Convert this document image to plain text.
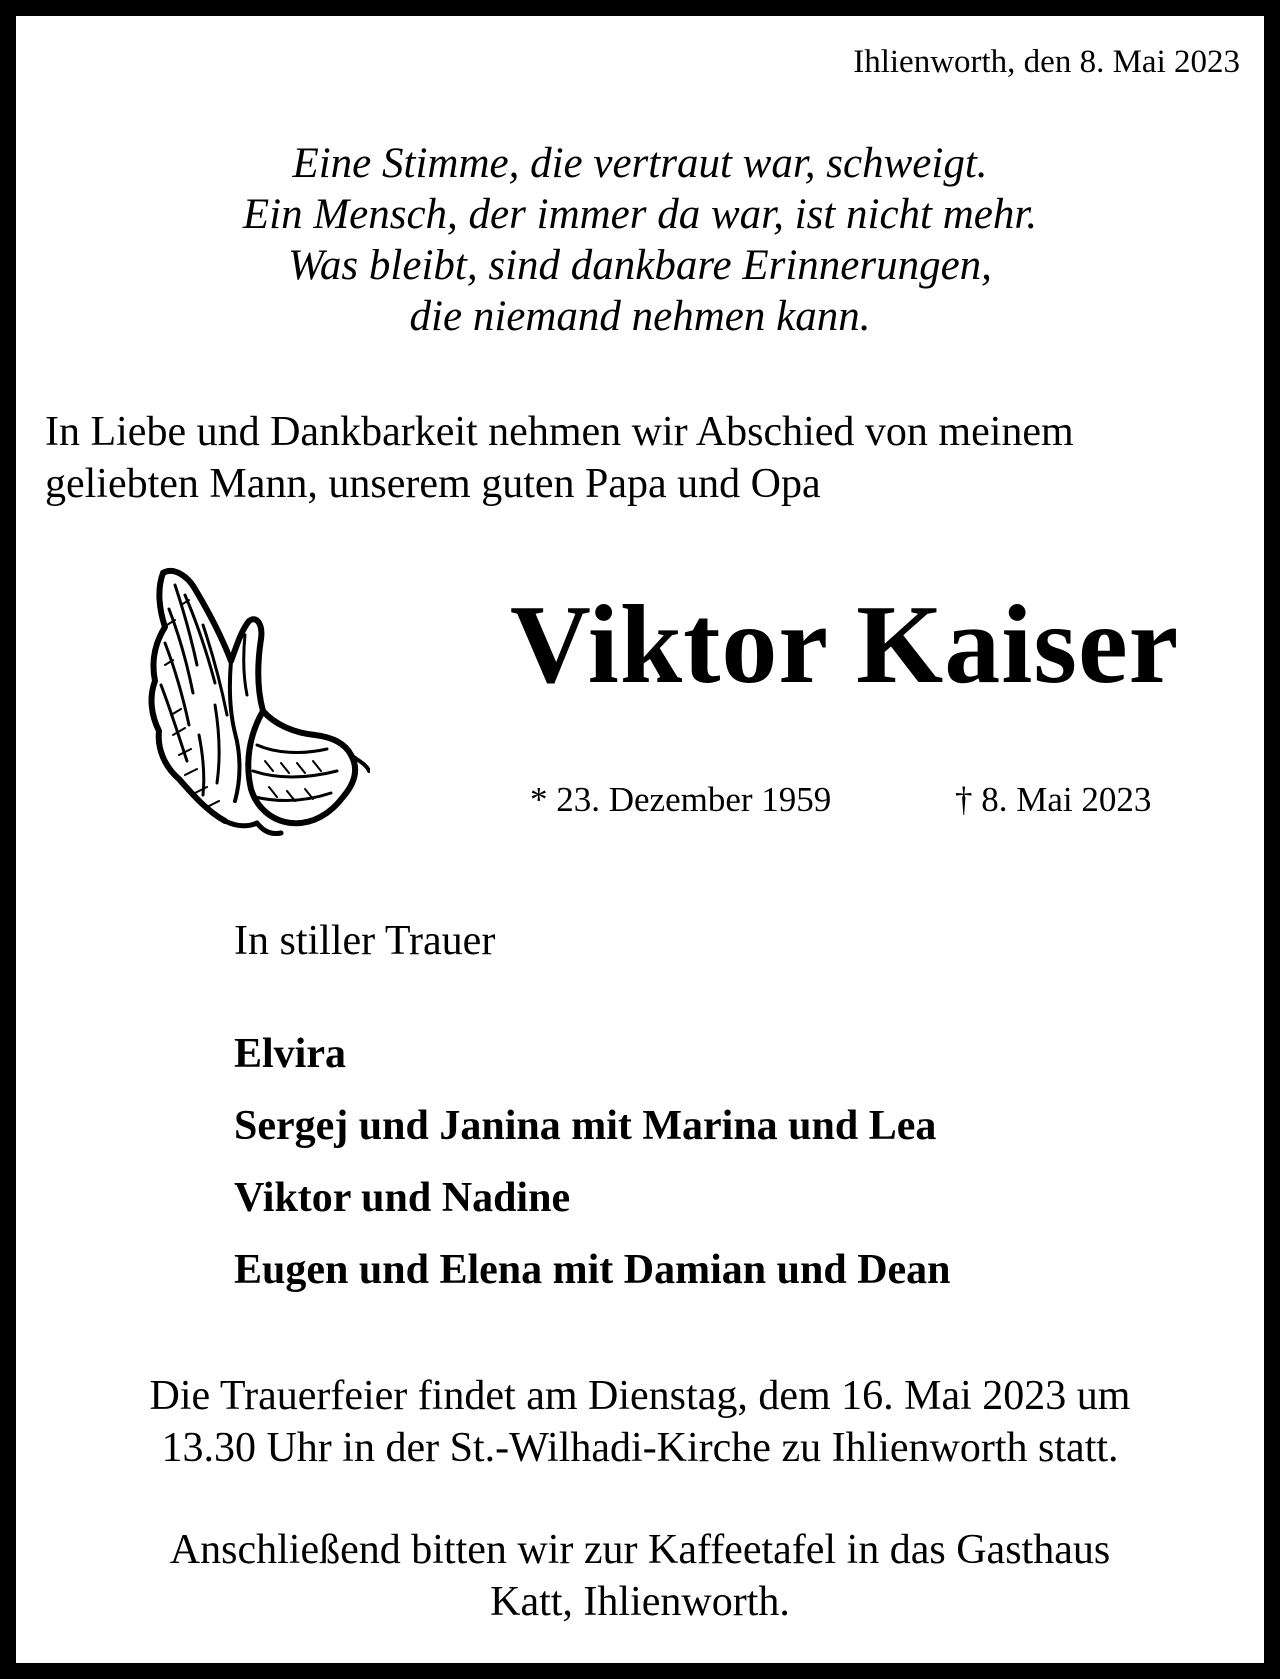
Ihlienworth, den 8. Mai 2023
Eine Stimme, die vertraut war, schweigt.
Ein Mensch, der immer da war, ist nicht mehr.
Was bleibt, sind dankbare Erinnerungen,
die niemand nehmen kann.
In Liebe und Dankbarkeit nehmen wir Abschied von meinem
geliebten Mann, unserem guten Papa und Opa
Viktor Kaiser
* 23. Dezember 1959	† 8. Mai 2023
In stiller Trauer
Elvira
Sergej und Janina mit Marina und Lea
Viktor und Nadine
Eugen und Elena mit Damian und Dean
Die Trauerfeier findet am Dienstag, dem 16. Mai 2023 um
13.30 Uhr in der St.-Wilhadi-Kirche zu Ihlienworth statt.
Anschließend bitten wir zur Kaffeetafel in das Gasthaus
Katt, Ihlienworth.
